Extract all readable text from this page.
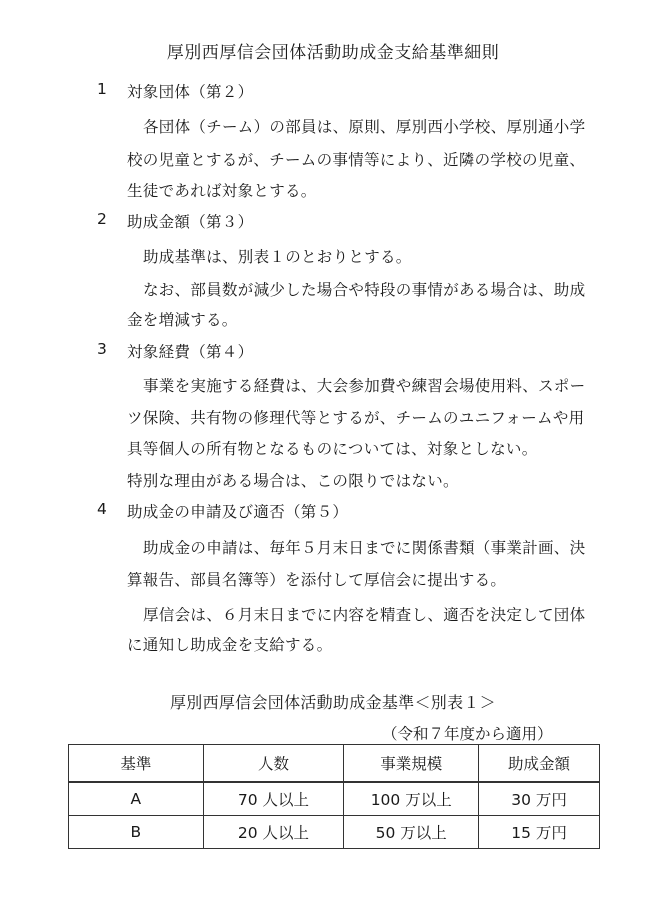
厚別西厚信会団体活動助成金支給基準細則
1 対象団体（第２）
各団体（チーム）の部員は、原則、厚別西小学校、厚別通小学
校の児童とするが、チームの事情等により、近隣の学校の児童、
生徒であれば対象とする。
2 助成金額（第３）
助成基準は、別表１のとおりとする。
なお、部員数が減少した場合や特段の事情がある場合は、助成
金を増減する。
3 対象経費（第４）
事業を実施する経費は、大会参加費や練習会場使用料、スポー
ツ保険、共有物の修理代等とするが、チームのユニフォームや用
具等個人の所有物となるものについては、対象としない。
特別な理由がある場合は、この限りではない。
4 助成金の申請及び適否（第５）
助成金の申請は、毎年５月末日までに関係書類（事業計画、決
算報告、部員名簿等）を添付して厚信会に提出する。
厚信会は、６月末日までに内容を精査し、適否を決定して団体
に通知し助成金を支給する。
厚別西厚信会団体活動助成金基準＜別表１＞
（令和７年度から適用）
基準	人数	事業規模	助成金額
A	70 人以上	100 万以上	30 万円
B	20 人以上	50 万以上	15 万円
